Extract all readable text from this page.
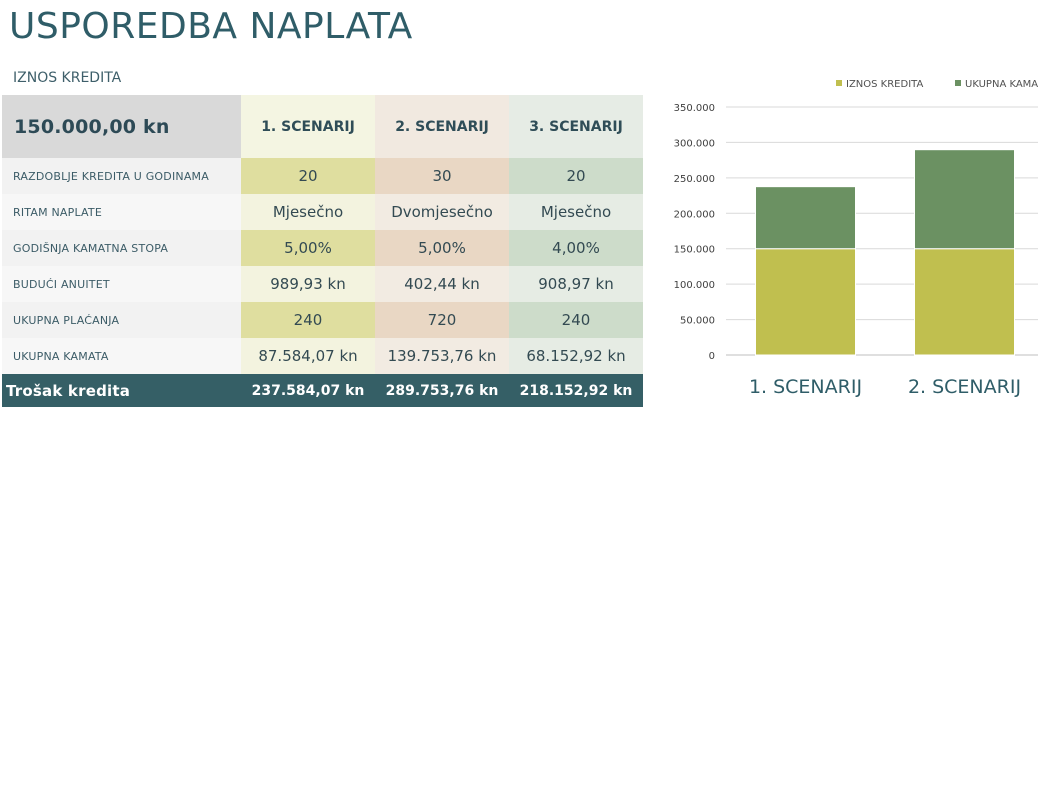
USPOREDBA NAPLATA
IZNOS KREDITA
150.000,00 kn	1. SCENARIJ	2. SCENARIJ	3. SCENARIJ
RAZDOBLJE KREDITA U GODINAMA	20	30	20
RITAM NAPLATE	Mjesečno	Dvomjesečno	Mjesečno
GODIŠNJA KAMATNA STOPA	5,00%	5,00%	4,00%
BUDUĆI ANUITET	989,93 kn	402,44 kn	908,97 kn
UKUPNA PLAĆANJA	240	720	240
UKUPNA KAMATA	87.584,07 kn	139.753,76 kn	68.152,92 kn
Trošak kredita	237.584,07 kn	289.753,76 kn	218.152,92 kn
350.000
300.000
250.000
200.000
150.000
100.000
50.000
0
1. SCENARIJ 2. SCENARIJ
IZNOS KREDITA	UKUPNA KAMA
